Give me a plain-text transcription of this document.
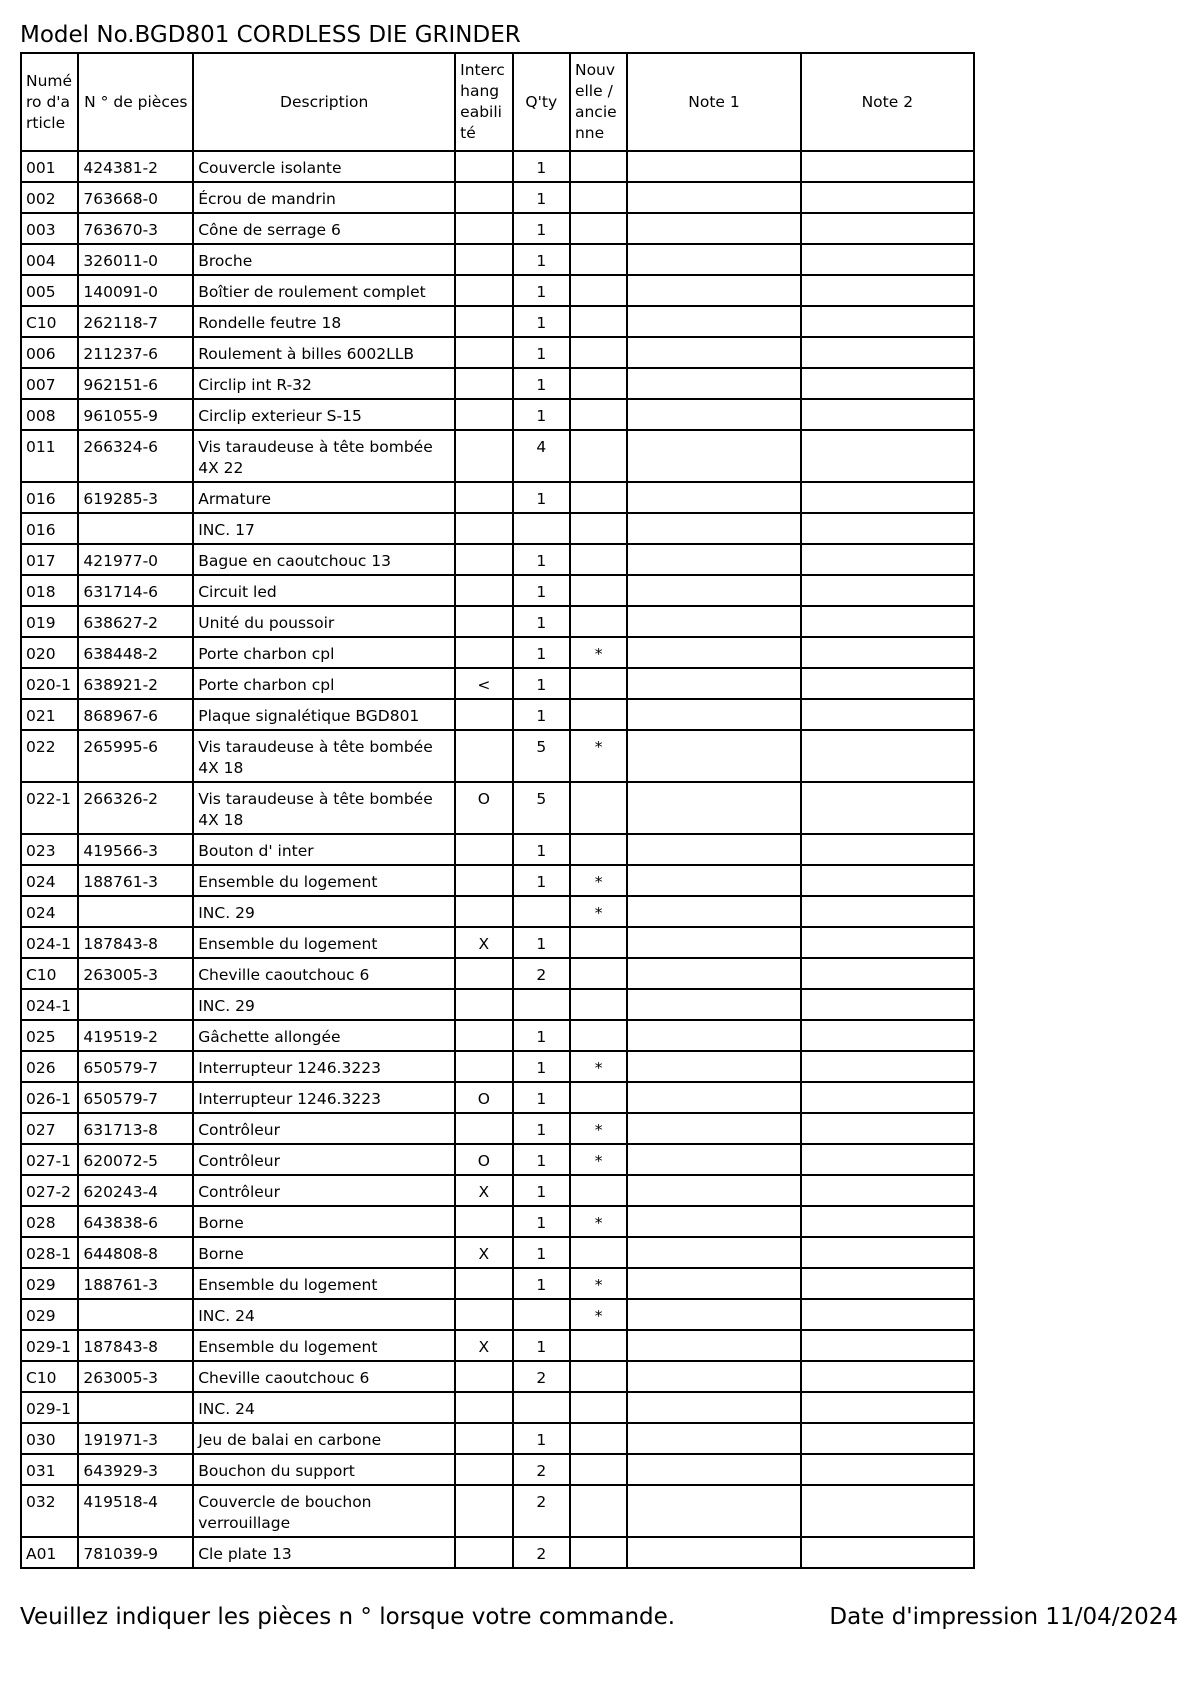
Model No.BGD801 CORDLESS DIE GRINDER
Numéro d'article	N ° de pièces	Description	Interchangeabilité	Q'ty	Nouvelle / ancienne	Note 1	Note 2
001	424381-2	Couvercle isolante		1			
002	763668-0	Écrou de mandrin		1			
003	763670-3	Cône de serrage 6		1			
004	326011-0	Broche		1			
005	140091-0	Boîtier de roulement complet		1			
C10	262118-7	Rondelle feutre 18		1			
006	211237-6	Roulement à billes 6002LLB		1			
007	962151-6	Circlip int R-32		1			
008	961055-9	Circlip exterieur S-15		1			
011	266324-6	Vis taraudeuse à tête bombée 4X 22		4			
016	619285-3	Armature		1			
016		INC. 17					
017	421977-0	Bague en caoutchouc 13		1			
018	631714-6	Circuit led		1			
019	638627-2	Unité du poussoir		1			
020	638448-2	Porte charbon cpl		1	*		
020-1	638921-2	Porte charbon cpl	<	1			
021	868967-6	Plaque signalétique BGD801		1			
022	265995-6	Vis taraudeuse à tête bombée 4X 18		5	*		
022-1	266326-2	Vis taraudeuse à tête bombée 4X 18	O	5			
023	419566-3	Bouton d' inter		1			
024	188761-3	Ensemble du logement		1	*		
024		INC. 29			*		
024-1	187843-8	Ensemble du logement	X	1			
C10	263005-3	Cheville caoutchouc 6		2			
024-1		INC. 29					
025	419519-2	Gâchette allongée		1			
026	650579-7	Interrupteur 1246.3223		1	*		
026-1	650579-7	Interrupteur 1246.3223	O	1			
027	631713-8	Contrôleur		1	*		
027-1	620072-5	Contrôleur	O	1	*		
027-2	620243-4	Contrôleur	X	1			
028	643838-6	Borne		1	*		
028-1	644808-8	Borne	X	1			
029	188761-3	Ensemble du logement		1	*		
029		INC. 24			*		
029-1	187843-8	Ensemble du logement	X	1			
C10	263005-3	Cheville caoutchouc 6		2			
029-1		INC. 24					
030	191971-3	Jeu de balai en carbone		1			
031	643929-3	Bouchon du support		2			
032	419518-4	Couvercle de bouchon verrouillage		2			
A01	781039-9	Cle plate 13		2			
Veuillez indiquer les pièces n ° lorsque votre commande.	Date d'impression 11/04/2024
